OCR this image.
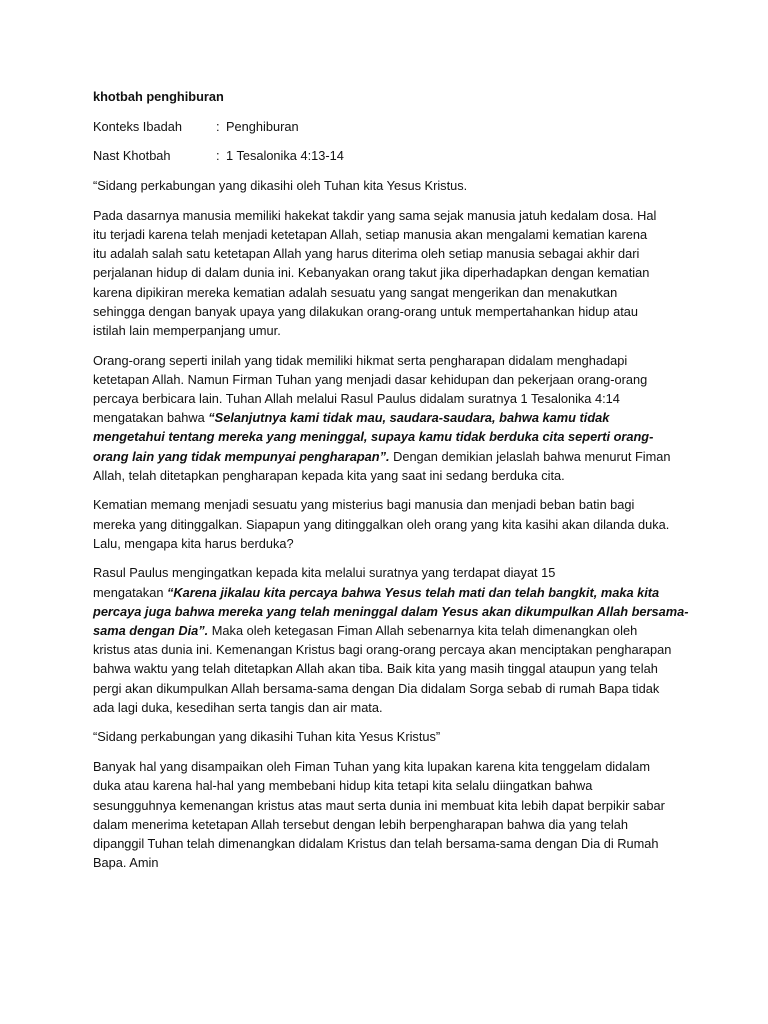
khotbah penghiburan
Konteks Ibadah	: Penghiburan
Nast Khotbah	: 1 Tesalonika 4:13-14
“Sidang perkabungan yang dikasihi oleh Tuhan kita Yesus Kristus.
Pada dasarnya manusia memiliki hakekat takdir yang sama sejak manusia jatuh kedalam dosa. Hal
itu terjadi karena telah menjadi ketetapan Allah, setiap manusia akan mengalami kematian karena
itu adalah salah satu ketetapan Allah yang harus diterima oleh setiap manusia sebagai akhir dari
perjalanan hidup di dalam dunia ini. Kebanyakan orang takut jika diperhadapkan dengan kematian
karena dipikiran mereka kematian adalah sesuatu yang sangat mengerikan dan menakutkan
sehingga dengan banyak upaya yang dilakukan orang-orang untuk mempertahankan hidup atau
istilah lain memperpanjang umur.
Orang-orang seperti inilah yang tidak memiliki hikmat serta pengharapan didalam menghadapi
ketetapan Allah. Namun Firman Tuhan yang menjadi dasar kehidupan dan pekerjaan orang-orang
percaya berbicara lain. Tuhan Allah melalui Rasul Paulus didalam suratnya 1 Tesalonika 4:14
mengatakan bahwa “Selanjutnya kami tidak mau, saudara-saudara, bahwa kamu tidak
mengetahui tentang mereka yang meninggal, supaya kamu tidak berduka cita seperti orang-
orang lain yang tidak mempunyai pengharapan”. Dengan demikian jelaslah bahwa menurut Fiman
Allah, telah ditetapkan pengharapan kepada kita yang saat ini sedang berduka cita.
Kematian memang menjadi sesuatu yang misterius bagi manusia dan menjadi beban batin bagi
mereka yang ditinggalkan. Siapapun yang ditinggalkan oleh orang yang kita kasihi akan dilanda duka.
Lalu, mengapa kita harus berduka?
Rasul Paulus mengingatkan kepada kita melalui suratnya yang terdapat diayat 15
mengatakan “Karena jikalau kita percaya bahwa Yesus telah mati dan telah bangkit, maka kita
percaya juga bahwa mereka yang telah meninggal dalam Yesus akan dikumpulkan Allah bersama-
sama dengan Dia”. Maka oleh ketegasan Fiman Allah sebenarnya kita telah dimenangkan oleh
kristus atas dunia ini. Kemenangan Kristus bagi orang-orang percaya akan menciptakan pengharapan
bahwa waktu yang telah ditetapkan Allah akan tiba. Baik kita yang masih tinggal ataupun yang telah
pergi akan dikumpulkan Allah bersama-sama dengan Dia didalam Sorga sebab di rumah Bapa tidak
ada lagi duka, kesedihan serta tangis dan air mata.
“Sidang perkabungan yang dikasihi Tuhan kita Yesus Kristus”
Banyak hal yang disampaikan oleh Fiman Tuhan yang kita lupakan karena kita tenggelam didalam
duka atau karena hal-hal yang membebani hidup kita tetapi kita selalu diingatkan bahwa
sesungguhnya kemenangan kristus atas maut serta dunia ini membuat kita lebih dapat berpikir sabar
dalam menerima ketetapan Allah tersebut dengan lebih berpengharapan bahwa dia yang telah
dipanggil Tuhan telah dimenangkan didalam Kristus dan telah bersama-sama dengan Dia di Rumah
Bapa. Amin
